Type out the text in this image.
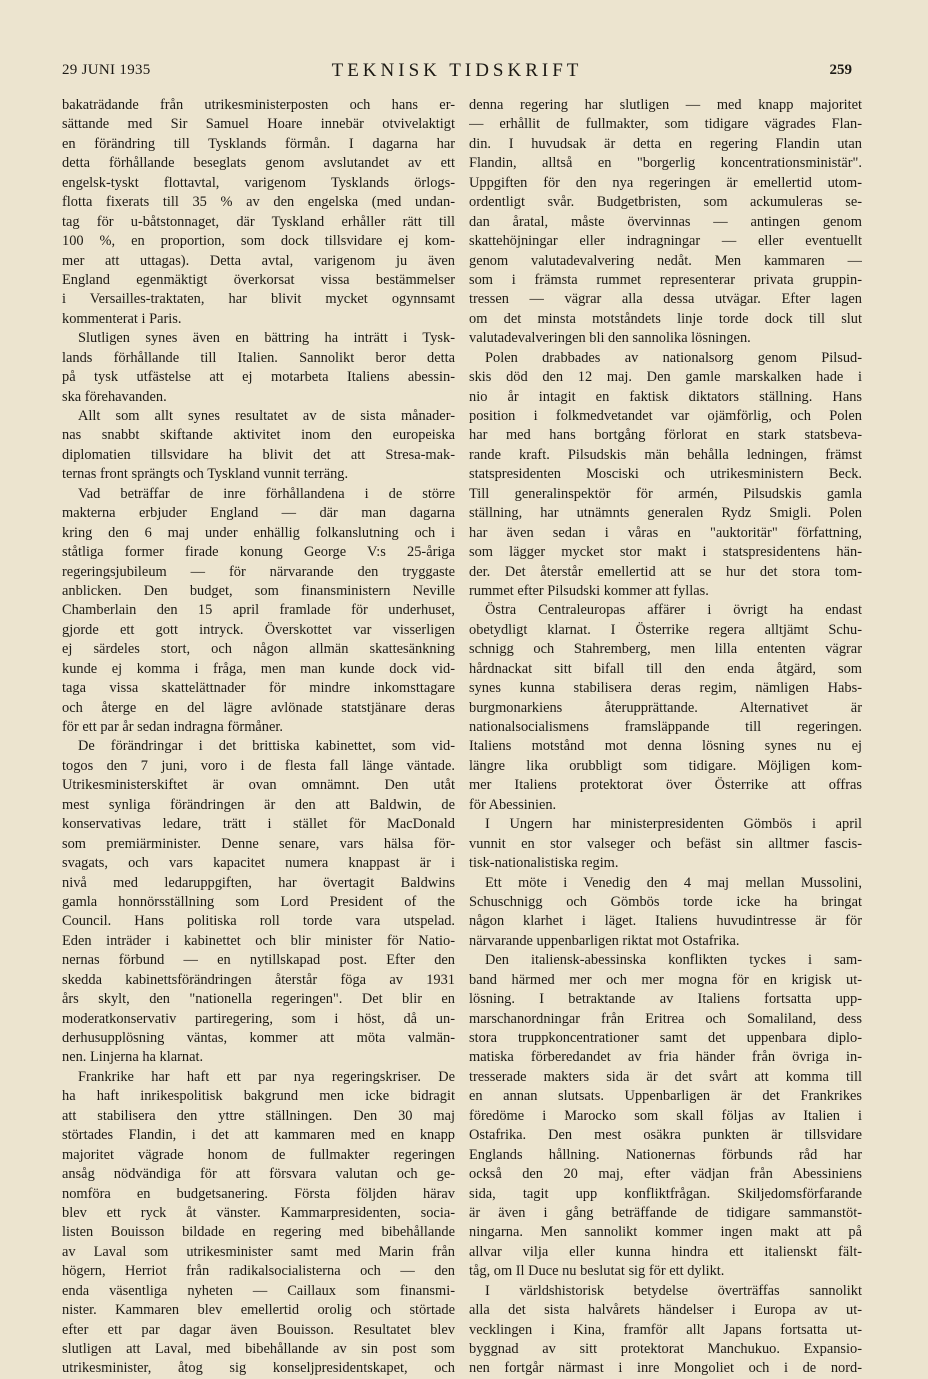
29 JUNI 1935	TEKNISK TIDSKRIFT	259
bakaträdande från utrikesministerposten och hans er-
sättande med Sir Samuel Hoare innebär otvivelaktigt
en förändring till Tysklands förmån. I dagarna har
detta förhållande beseglats genom avslutandet av ett
engelsk-tyskt flottavtal, varigenom Tysklands örlogs-
flotta fixerats till 35 % av den engelska (med undan-
tag för u-båtstonnaget, där Tyskland erhåller rätt till
100 %, en proportion, som dock tillsvidare ej kom-
mer att uttagas). Detta avtal, varigenom ju även
England egenmäktigt överkorsat vissa bestämmelser
i Versailles-traktaten, har blivit mycket ogynnsamt
kommenterat i Paris.
Slutligen synes även en bättring ha inträtt i Tysk-
lands förhållande till Italien. Sannolikt beror detta
på tysk utfästelse att ej motarbeta Italiens abessin-
ska förehavanden.
Allt som allt synes resultatet av de sista månader-
nas snabbt skiftande aktivitet inom den europeiska
diplomatien tillsvidare ha blivit det att Stresa-mak-
ternas front sprängts och Tyskland vunnit terräng.
Vad beträffar de inre förhållandena i de större
makterna erbjuder England — där man dagarna
kring den 6 maj under enhällig folkanslutning och i
ståtliga former firade konung George V:s 25-åriga
regeringsjubileum — för närvarande den tryggaste
anblicken. Den budget, som finansministern Neville
Chamberlain den 15 april framlade för underhuset,
gjorde ett gott intryck. Överskottet var visserligen
ej särdeles stort, och någon allmän skattesänkning
kunde ej komma i fråga, men man kunde dock vid-
taga vissa skattelättnader för mindre inkomsttagare
och återge en del lägre avlönade statstjänare deras
för ett par år sedan indragna förmåner.
De förändringar i det brittiska kabinettet, som vid-
togos den 7 juni, voro i de flesta fall länge väntade.
Utrikesministerskiftet är ovan omnämnt. Den utåt
mest synliga förändringen är den att Baldwin, de
konservativas ledare, trätt i stället för MacDonald
som premiärminister. Denne senare, vars hälsa för-
svagats, och vars kapacitet numera knappast är i
nivå med ledaruppgiften, har övertagit Baldwins
gamla honnörsställning som Lord President of the
Council. Hans politiska roll torde vara utspelad.
Eden inträder i kabinettet och blir minister för Natio-
nernas förbund — en nytillskapad post. Efter den
skedda kabinettsförändringen återstår föga av 1931
års skylt, den "nationella regeringen". Det blir en
moderatkonservativ partiregering, som i höst, då un-
derhusupplösning väntas, kommer att möta valmän-
nen. Linjerna ha klarnat.
Frankrike har haft ett par nya regeringskriser. De
ha haft inrikespolitisk bakgrund men icke bidragit
att stabilisera den yttre ställningen. Den 30 maj
störtades Flandin, i det att kammaren med en knapp
majoritet vägrade honom de fullmakter regeringen
ansåg nödvändiga för att försvara valutan och ge-
nomföra en budgetsanering. Första följden härav
blev ett ryck åt vänster. Kammarpresidenten, socia-
listen Bouisson bildade en regering med bibehållande
av Laval som utrikesminister samt med Marin från
högern, Herriot från radikalsocialisterna och — den
enda väsentliga nyheten — Caillaux som finansmi-
nister. Kammaren blev emellertid orolig och störtade
efter ett par dagar även Bouisson. Resultatet blev
slutligen att Laval, med bibehållande av sin post som
utrikesminister, åtog sig konseljpresidentskapet, och
denna regering har slutligen — med knapp majoritet
— erhållit de fullmakter, som tidigare vägrades Flan-
din. I huvudsak är detta en regering Flandin utan
Flandin, alltså en "borgerlig koncentrationsministär".
Uppgiften för den nya regeringen är emellertid utom-
ordentligt svår. Budgetbristen, som ackumuleras se-
dan åratal, måste övervinnas — antingen genom
skattehöjningar eller indragningar — eller eventuellt
genom valutadevalvering nedåt. Men kammaren —
som i främsta rummet representerar privata gruppin-
tressen — vägrar alla dessa utvägar. Efter lagen
om det minsta motståndets linje torde dock till slut
valutadevalveringen bli den sannolika lösningen.
Polen drabbades av nationalsorg genom Pilsud-
skis död den 12 maj. Den gamle marskalken hade i
nio år intagit en faktisk diktators ställning. Hans
position i folkmedvetandet var ojämförlig, och Polen
har med hans bortgång förlorat en stark statsbeva-
rande kraft. Pilsudskis män behålla ledningen, främst
statspresidenten Mosciski och utrikesministern Beck.
Till generalinspektör för armén, Pilsudskis gamla
ställning, har utnämnts generalen Rydz Smigli. Polen
har även sedan i våras en "auktoritär" författning,
som lägger mycket stor makt i statspresidentens hän-
der. Det återstår emellertid att se hur det stora tom-
rummet efter Pilsudski kommer att fyllas.
Östra Centraleuropas affärer i övrigt ha endast
obetydligt klarnat. I Österrike regera alltjämt Schu-
schnigg och Stahremberg, men lilla ententen vägrar
hårdnackat sitt bifall till den enda åtgärd, som
synes kunna stabilisera deras regim, nämligen Habs-
burgmonarkiens återupprättande. Alternativet är
nationalsocialismens framsläppande till regeringen.
Italiens motstånd mot denna lösning synes nu ej
längre lika orubbligt som tidigare. Möjligen kom-
mer Italiens protektorat över Österrike att offras
för Abessinien.
I Ungern har ministerpresidenten Gömbös i april
vunnit en stor valseger och befäst sin alltmer fascis-
tisk-nationalistiska regim.
Ett möte i Venedig den 4 maj mellan Mussolini,
Schuschnigg och Gömbös torde icke ha bringat
någon klarhet i läget. Italiens huvudintresse är för
närvarande uppenbarligen riktat mot Ostafrika.
Den italiensk-abessinska konflikten tyckes i sam-
band härmed mer och mer mogna för en krigisk ut-
lösning. I betraktande av Italiens fortsatta upp-
marschanordningar från Eritrea och Somaliland, dess
stora truppkoncentrationer samt det uppenbara diplo-
matiska förberedandet av fria händer från övriga in-
tresserade makters sida är det svårt att komma till
en annan slutsats. Uppenbarligen är det Frankrikes
föredöme i Marocko som skall följas av Italien i
Ostafrika. Den mest osäkra punkten är tillsvidare
Englands hållning. Nationernas förbunds råd har
också den 20 maj, efter vädjan från Abessiniens
sida, tagit upp konfliktfrågan. Skiljedomsförfarande
är även i gång beträffande de tidigare sammanstöt-
ningarna. Men sannolikt kommer ingen makt att på
allvar vilja eller kunna hindra ett italienskt fält-
tåg, om Il Duce nu beslutat sig för ett dylikt.
I världshistorisk betydelse överträffas sannolikt
alla det sista halvårets händelser i Europa av ut-
vecklingen i Kina, framför allt Japans fortsatta ut-
byggnad av sitt protektorat Manchukuo. Expansio-
nen fortgår närmast i inre Mongoliet och i de nord-
